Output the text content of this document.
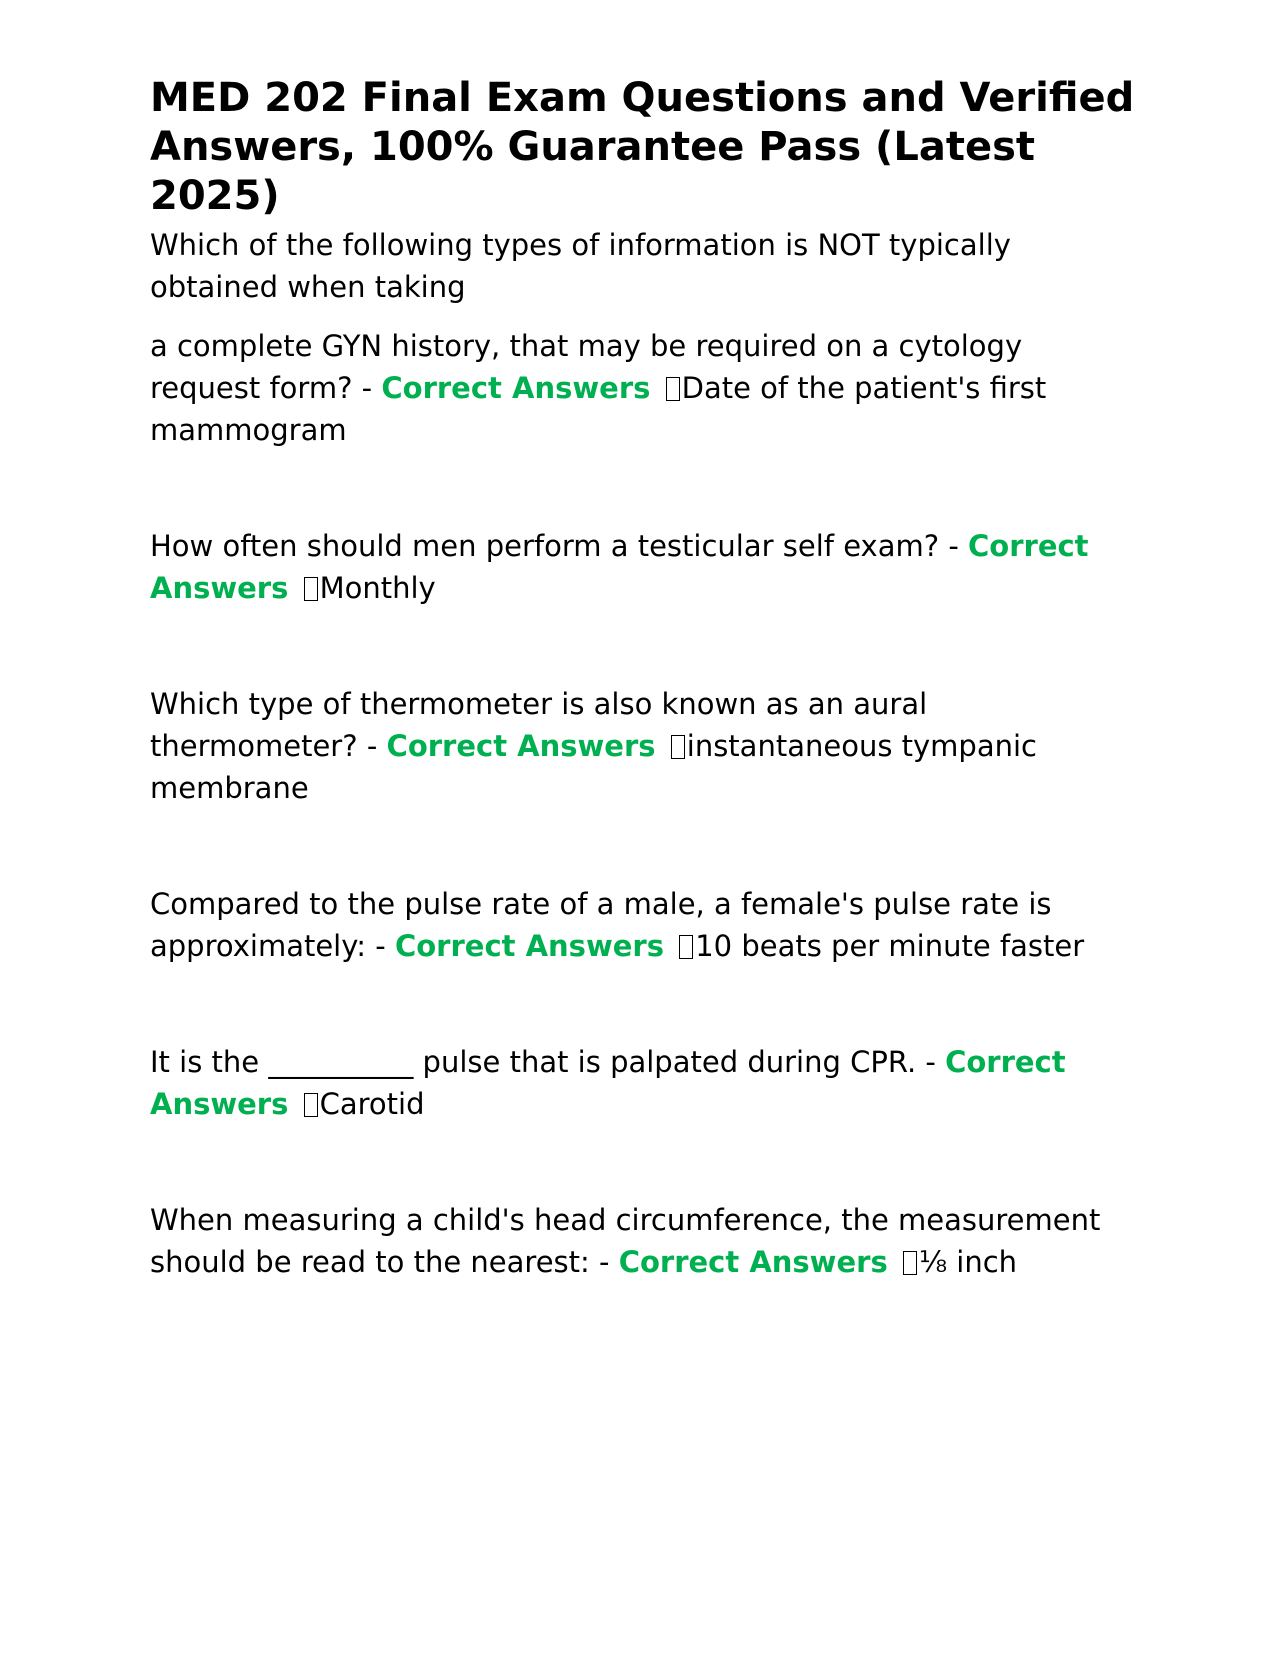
MED 202 Final Exam Questions and Verified Answers, 100% Guarantee Pass (Latest 2025)

Which of the following types of information is NOT typically obtained when taking

a complete GYN history, that may be required on a cytology request form? - Correct Answers Date of the patient's first mammogram

How often should men perform a testicular self exam? - Correct Answers Monthly

Which type of thermometer is also known as an aural thermometer? - Correct Answers instantaneous tympanic membrane

Compared to the pulse rate of a male, a female's pulse rate is approximately: - Correct Answers 10 beats per minute faster

It is the __________ pulse that is palpated during CPR. - Correct Answers Carotid

When measuring a child's head circumference, the measurement should be read to the nearest: - Correct Answers ⅛ inch
